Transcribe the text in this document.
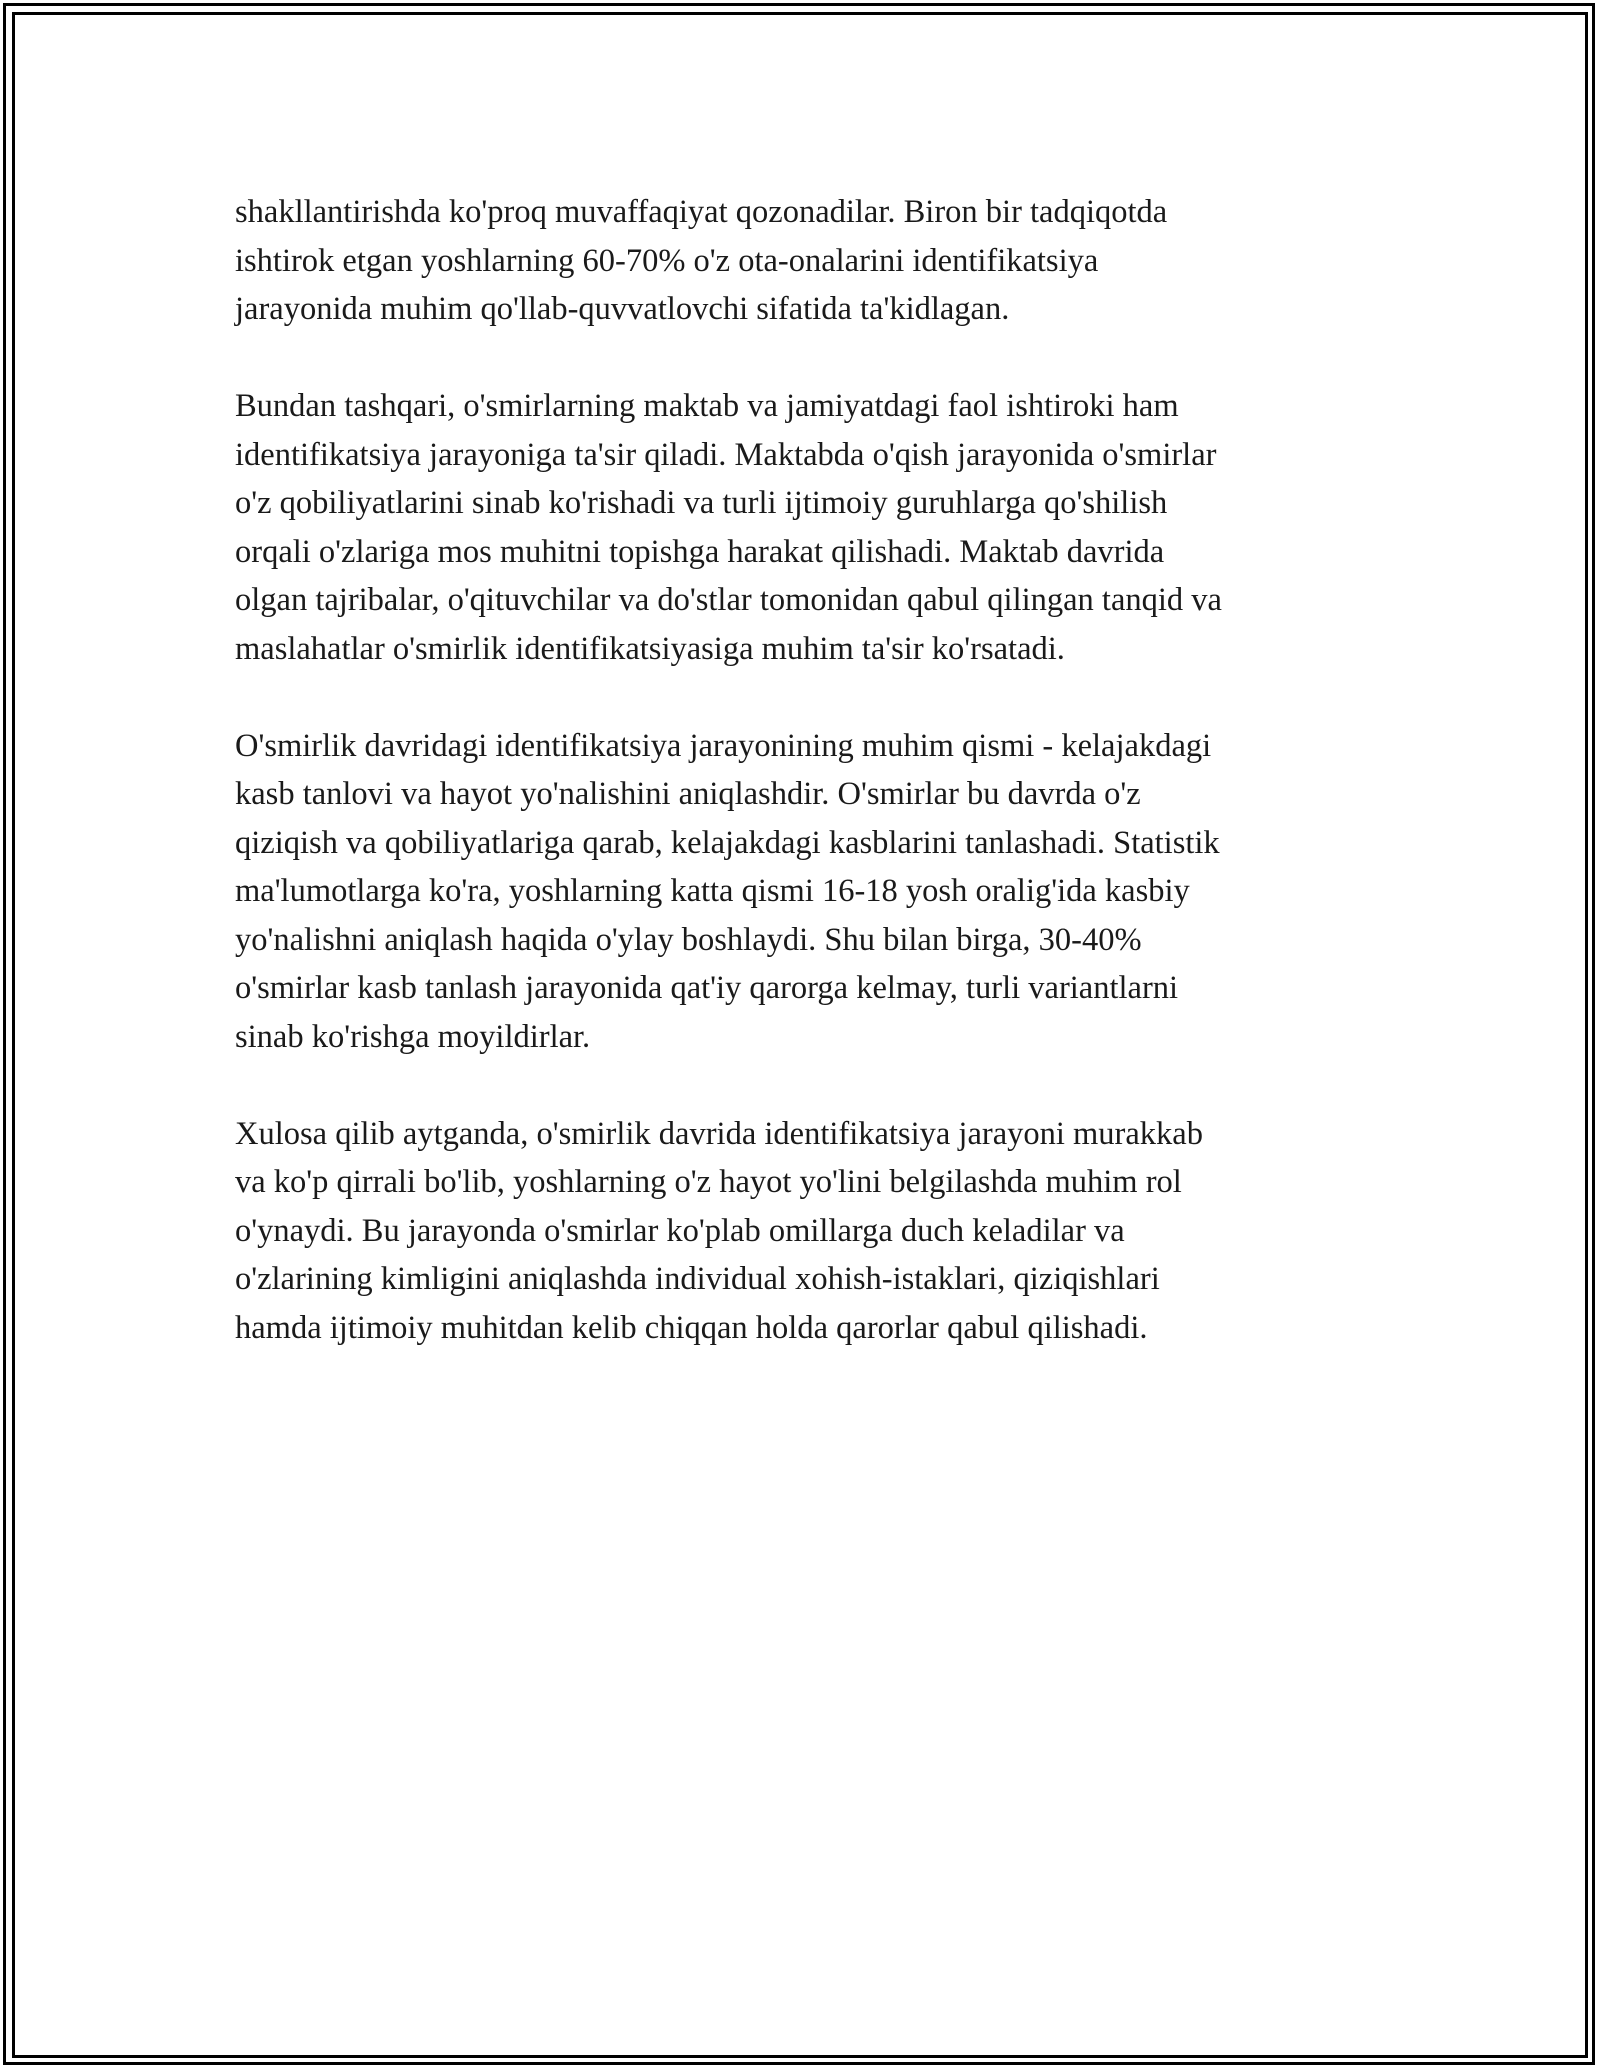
shakllantirishda ko'proq muvaffaqiyat qozonadilar. Biron bir tadqiqotda
ishtirok etgan yoshlarning 60-70% o'z ota-onalarini identifikatsiya
jarayonida muhim qo'llab-quvvatlovchi sifatida ta'kidlagan.

Bundan tashqari, o'smirlarning maktab va jamiyatdagi faol ishtiroki ham
identifikatsiya jarayoniga ta'sir qiladi. Maktabda o'qish jarayonida o'smirlar
o'z qobiliyatlarini sinab ko'rishadi va turli ijtimoiy guruhlarga qo'shilish
orqali o'zlariga mos muhitni topishga harakat qilishadi. Maktab davrida
olgan tajribalar, o'qituvchilar va do'stlar tomonidan qabul qilingan tanqid va
maslahatlar o'smirlik identifikatsiyasiga muhim ta'sir ko'rsatadi.

O'smirlik davridagi identifikatsiya jarayonining muhim qismi - kelajakdagi
kasb tanlovi va hayot yo'nalishini aniqlashdir. O'smirlar bu davrda o'z
qiziqish va qobiliyatlariga qarab, kelajakdagi kasblarini tanlashadi. Statistik
ma'lumotlarga ko'ra, yoshlarning katta qismi 16-18 yosh oralig'ida kasbiy
yo'nalishni aniqlash haqida o'ylay boshlaydi. Shu bilan birga, 30-40%
o'smirlar kasb tanlash jarayonida qat'iy qarorga kelmay, turli variantlarni
sinab ko'rishga moyildirlar.

Xulosa qilib aytganda, o'smirlik davrida identifikatsiya jarayoni murakkab
va ko'p qirrali bo'lib, yoshlarning o'z hayot yo'lini belgilashda muhim rol
o'ynaydi. Bu jarayonda o'smirlar ko'plab omillarga duch keladilar va
o'zlarining kimligini aniqlashda individual xohish-istaklari, qiziqishlari
hamda ijtimoiy muhitdan kelib chiqqan holda qarorlar qabul qilishadi.
